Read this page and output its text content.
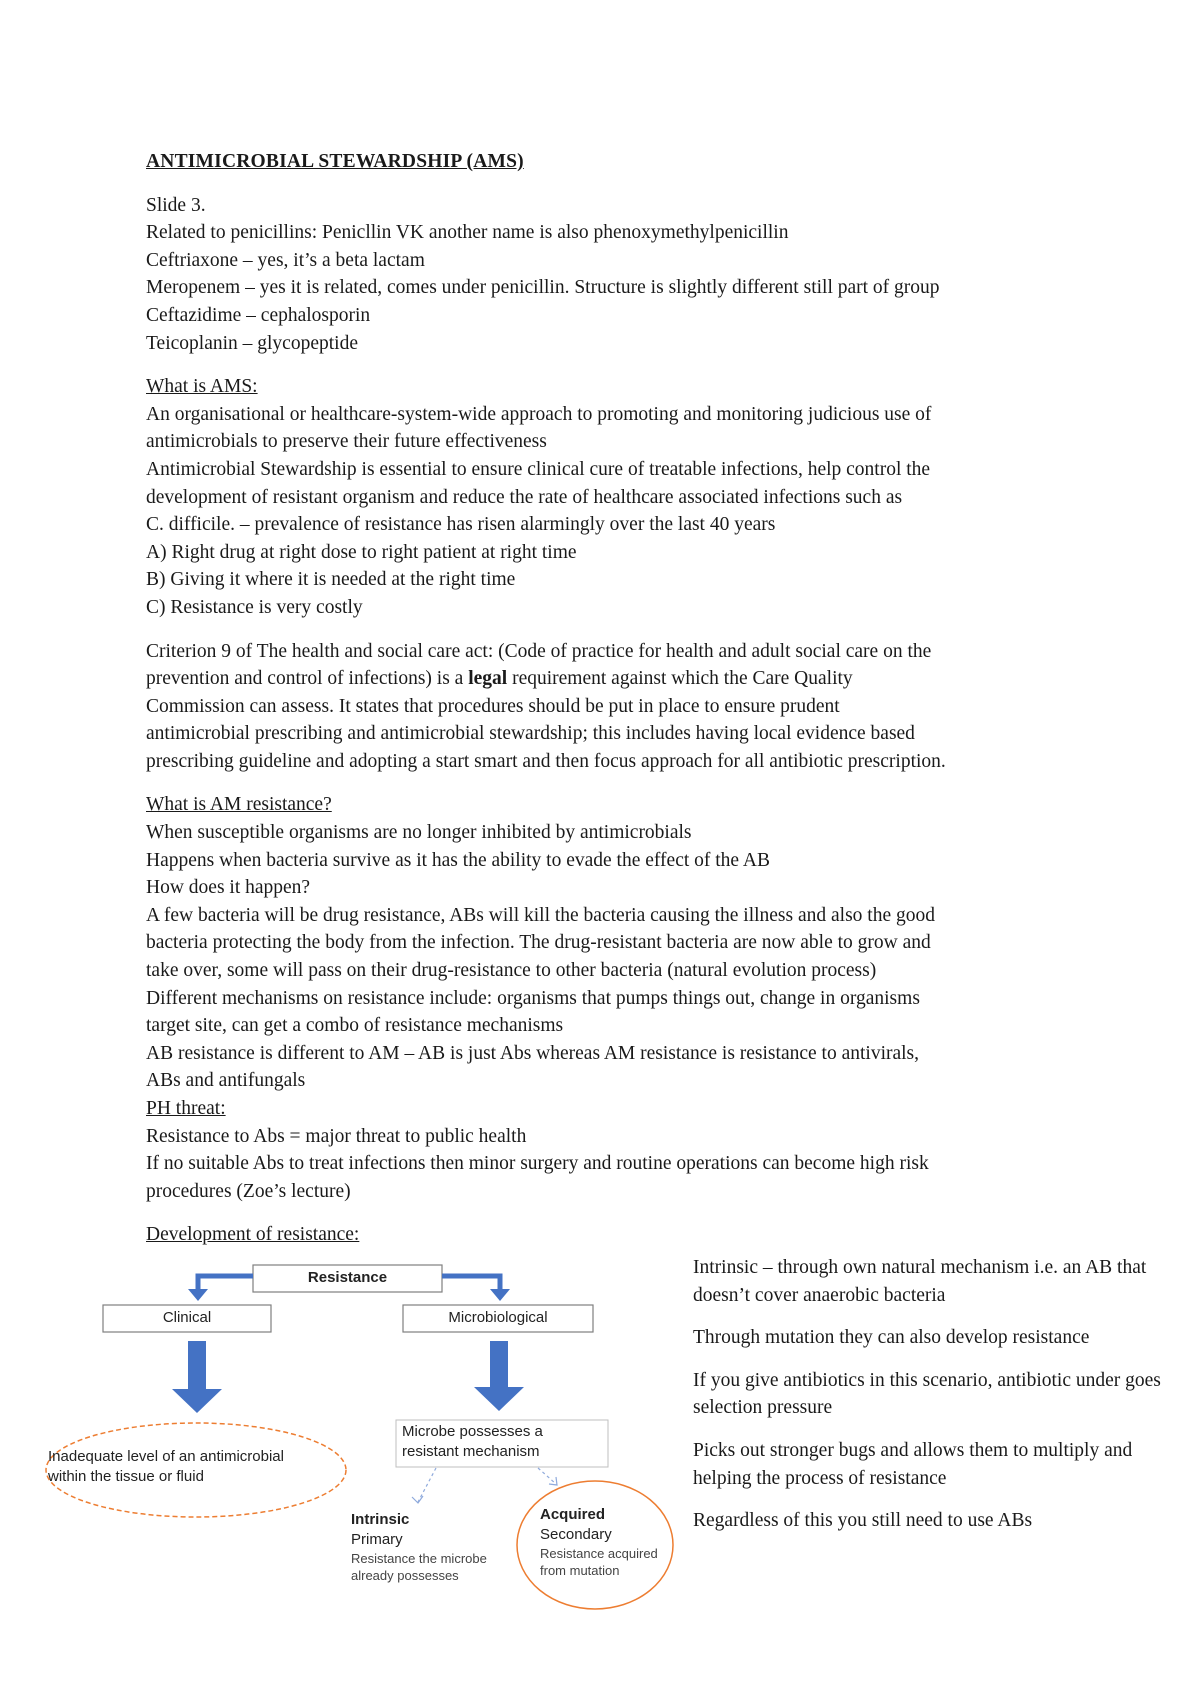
ANTIMICROBIAL STEWARDSHIP (AMS)

Slide 3.

Related to penicillins: Penicllin VK another name is also phenoxymethylpenicillin

Ceftriaxone – yes, it’s a beta lactam

Meropenem – yes it is related, comes under penicillin. Structure is slightly different still part of group

Ceftazidime – cephalosporin

Teicoplanin – glycopeptide

What is AMS:

An organisational or healthcare-system-wide approach to promoting and monitoring judicious use of

antimicrobials to preserve their future effectiveness

Antimicrobial Stewardship is essential to ensure clinical cure of treatable infections, help control the

development of resistant organism and reduce the rate of healthcare associated infections such as

C. difficile. – prevalence of resistance has risen alarmingly over the last 40 years

A) Right drug at right dose to right patient at right time

B) Giving it where it is needed at the right time

C) Resistance is very costly

Criterion 9 of The health and social care act: (Code of practice for health and adult social care on the

prevention and control of infections) is a legal requirement against which the Care Quality

Commission can assess. It states that procedures should be put in place to ensure prudent

antimicrobial prescribing and antimicrobial stewardship; this includes having local evidence based

prescribing guideline and adopting a start smart and then focus approach for all antibiotic prescription.

What is AM resistance?

When susceptible organisms are no longer inhibited by antimicrobials

Happens when bacteria survive as it has the ability to evade the effect of the AB

How does it happen?

A few bacteria will be drug resistance, ABs will kill the bacteria causing the illness and also the good

bacteria protecting the body from the infection. The drug-resistant bacteria are now able to grow and

take over, some will pass on their drug-resistance to other bacteria (natural evolution process)

Different mechanisms on resistance include: organisms that pumps things out, change in organisms

target site, can get a combo of resistance mechanisms

AB resistance is different to AM – AB is just Abs whereas AM resistance is resistance to antivirals,

ABs and antifungals

PH threat:

Resistance to Abs = major threat to public health

If no suitable Abs to treat infections then minor surgery and routine operations can become high risk

procedures (Zoe’s lecture)

Development of resistance:

Resistance
Clinical	Microbiological
Inadequate level of an antimicrobial
within the tissue or fluid
Microbe possesses a
resistant mechanism
Intrinsic
Primary
Resistance the microbe
already possesses
Acquired
Secondary
Resistance acquired
from mutation

Intrinsic – through own natural mechanism i.e. an AB that doesn’t cover anaerobic bacteria

Through mutation they can also develop resistance

If you give antibiotics in this scenario, antibiotic under goes selection pressure

Picks out stronger bugs and allows them to multiply and helping the process of resistance

Regardless of this you still need to use ABs
